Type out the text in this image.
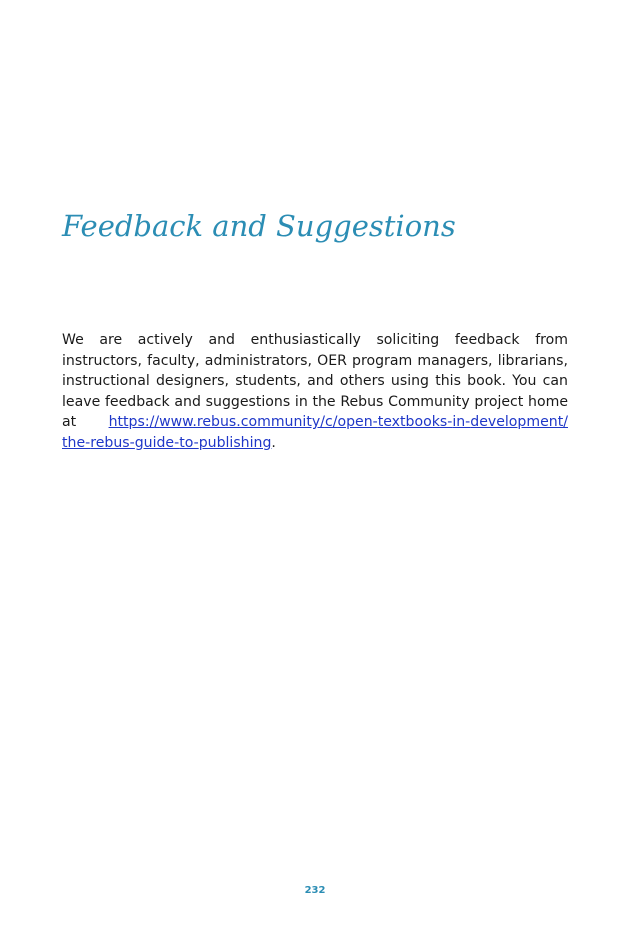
Feedback and Suggestions

We are actively and enthusiastically soliciting feedback from instructors, faculty, administrators, OER program managers, librarians, instructional designers, students, and others using this book. You can leave feedback and suggestions in the Rebus Community project home at https://www.rebus.community/c/open-textbooks-in-development/the-rebus-guide-to-publishing.

232
